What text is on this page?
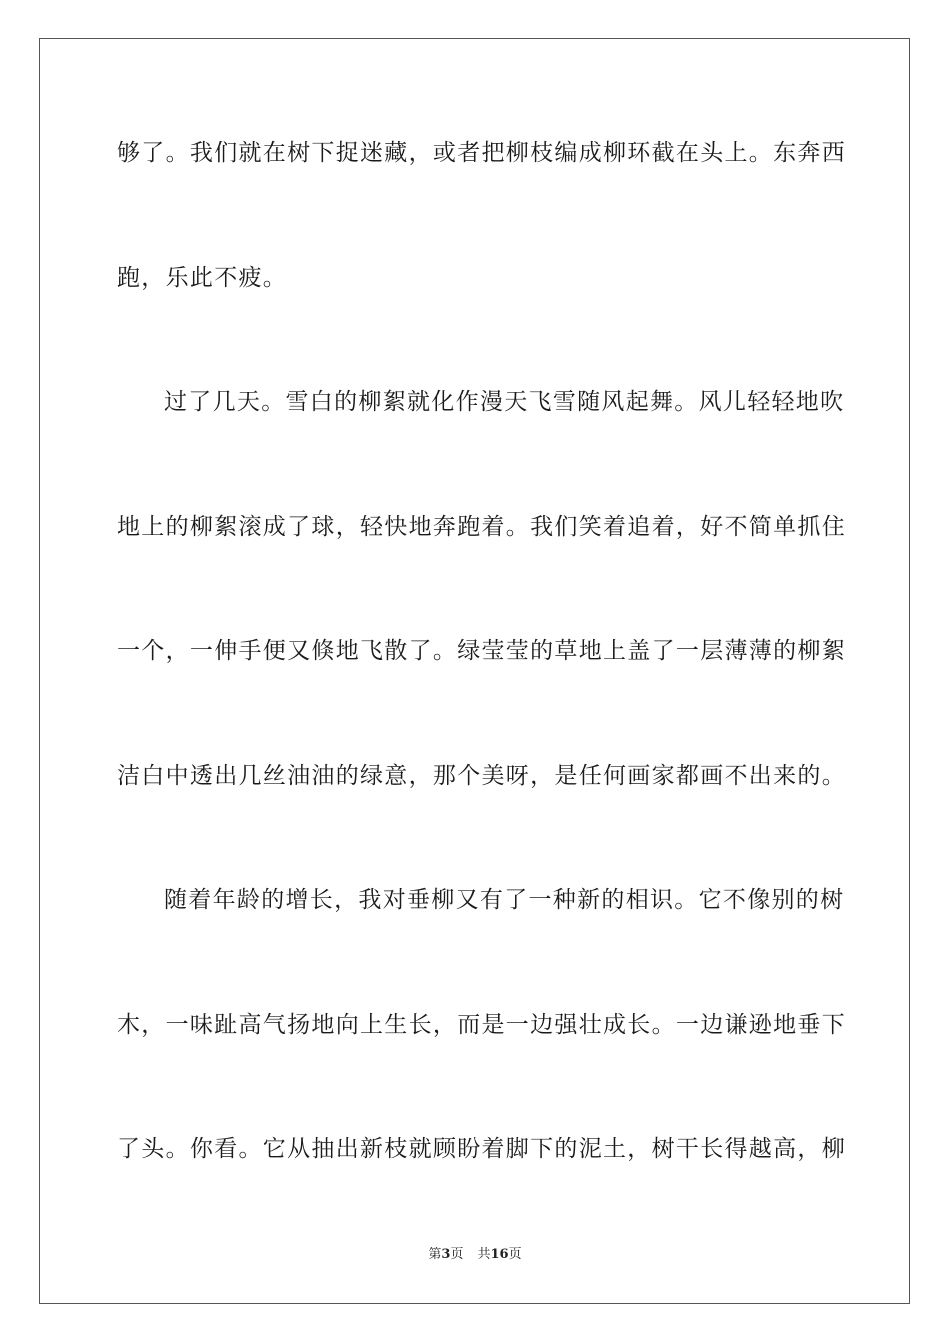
够了。我们就在树下捉迷藏，或者把柳枝编成柳环截在头上。东奔西

跑，乐此不疲。

过了几天。雪白的柳絮就化作漫天飞雪随风起舞。风儿轻轻地吹

地上的柳絮滚成了球，轻快地奔跑着。我们笑着追着，好不简单抓住

一个，一伸手便又倏地飞散了。绿莹莹的草地上盖了一层薄薄的柳絮

洁白中透出几丝油油的绿意，那个美呀，是任何画家都画不出来的。

随着年龄的增长，我对垂柳又有了一种新的相识。它不像别的树

木，一味趾高气扬地向上生长，而是一边强壮成长。一边谦逊地垂下

了头。你看。它从抽出新枝就顾盼着脚下的泥土，树干长得越高，柳

第3页 共16页
